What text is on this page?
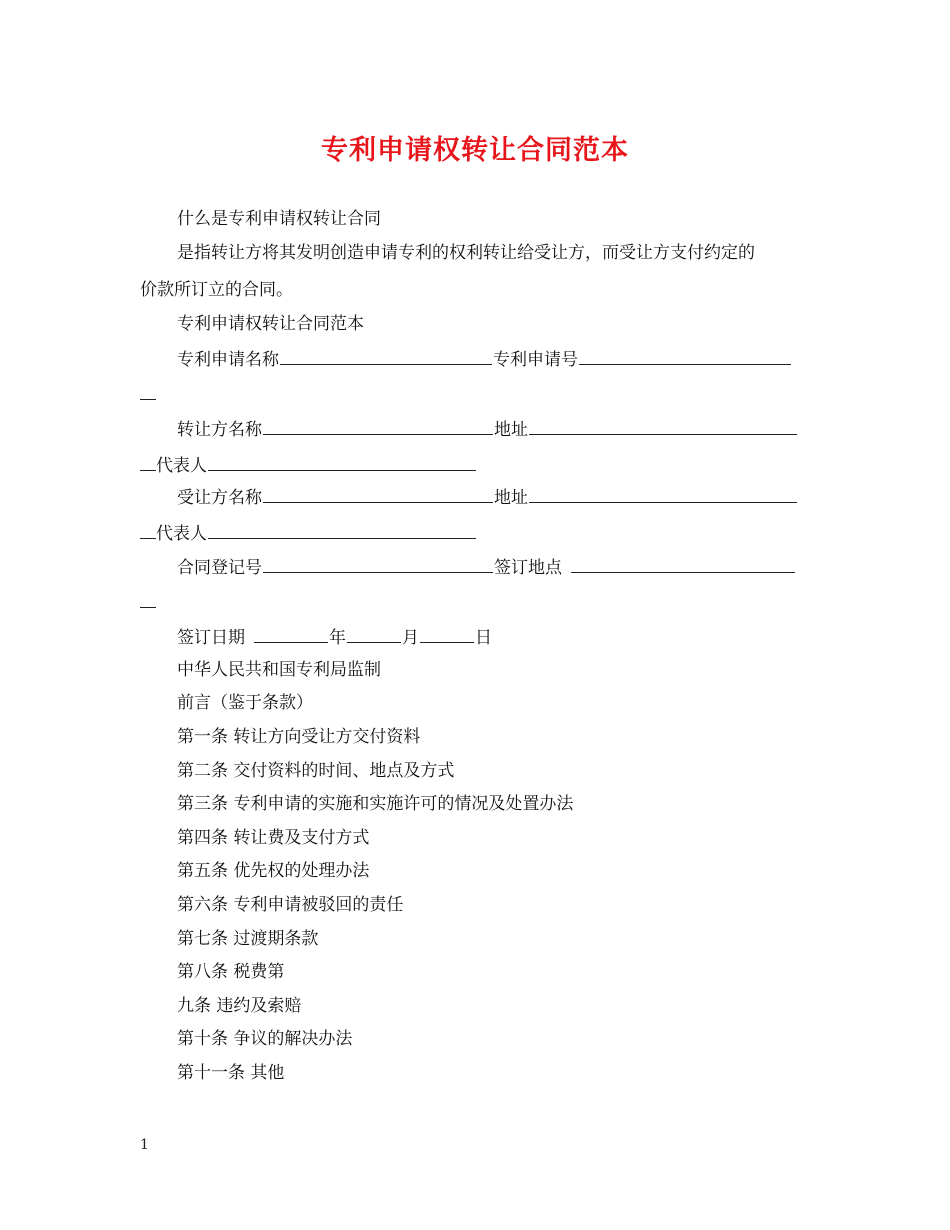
专利申请权转让合同范本
什么是专利申请权转让合同
是指转让方将其发明创造申请专利的权利转让给受让方，而受让方支付约定的
价款所订立的合同。
专利申请权转让合同范本
专利申请名称	专利申请号
转让方名称	地址
代表人
受让方名称	地址
代表人
合同登记号	签订地点
签订日期	年	月	日
中华人民共和国专利局监制
前言（鉴于条款）
第一条 转让方向受让方交付资料
第二条 交付资料的时间、地点及方式
第三条 专利申请的实施和实施许可的情况及处置办法
第四条 转让费及支付方式
第五条 优先权的处理办法
第六条 专利申请被驳回的责任
第七条 过渡期条款
第八条 税费第
九条 违约及索赔
第十条 争议的解决办法
第十一条 其他
1
